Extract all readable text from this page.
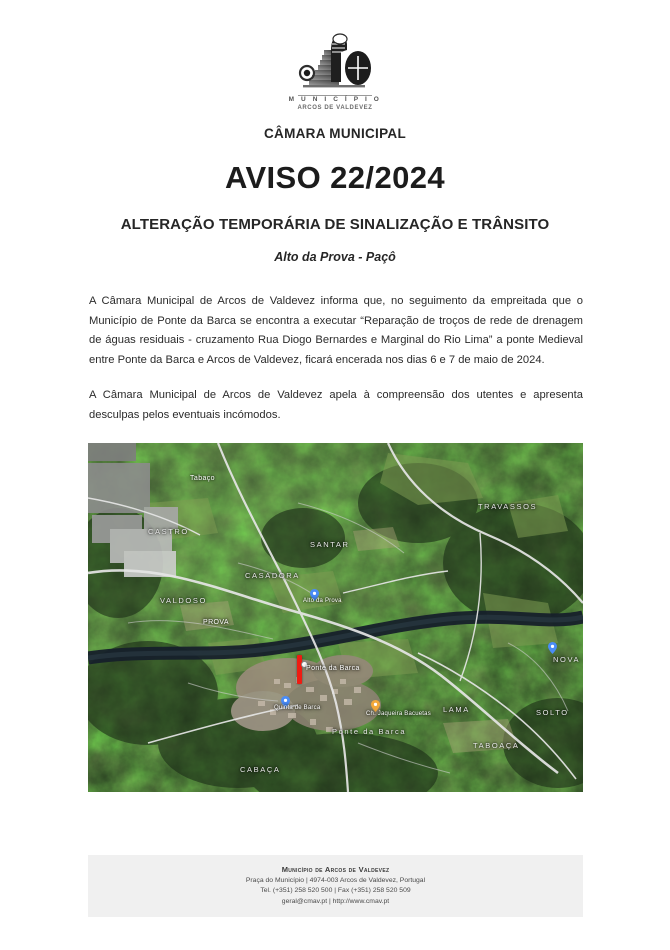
M U N I C Í P I O
ARCOS DE VALDEVEZ
CÂMARA MUNICIPAL
AVISO 22/2024
ALTERAÇÃO TEMPORÁRIA DE SINALIZAÇÃO E TRÂNSITO
Alto da Prova - Paçô

A Câmara Municipal de Arcos de Valdevez informa que, no seguimento da empreitada que o Município de Ponte da Barca se encontra a executar “Reparação de troços de rede de drenagem de águas residuais - cruzamento Rua Diogo Bernardes e Marginal do Rio Lima” a ponte Medieval entre Ponte da Barca e Arcos de Valdevez, ficará encerada nos dias 6 e 7 de maio de 2024.

A Câmara Municipal de Arcos de Valdevez apela à compreensão dos utentes e apresenta desculpas pelos eventuais incómodos.

Tabaço
CASTRO
SANTAR
TRAVASSOS
CASADORA
VALDOSO
PROVA
Alto da Prova
Ponte da Barca
Quinta de Barca
Ch. Jaqueira Bacuetas
Ponte da Barca
LAMA	SOLTO
TABOAÇA
CABAÇA
NOVA
Município de Arcos de Valdevez
Praça do Município | 4974-003 Arcos de Valdevez, Portugal
Tel. (+351) 258 520 500 | Fax (+351) 258 520 509
geral@cmav.pt | http://www.cmav.pt
